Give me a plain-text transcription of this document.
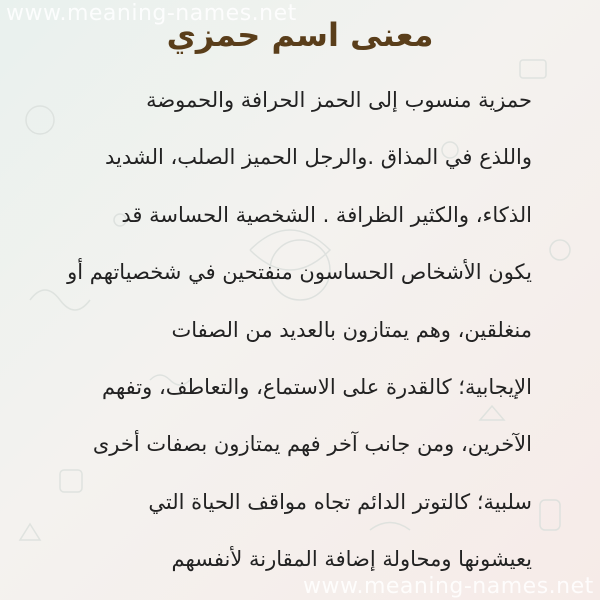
www.meaning-names.net
www.meaning-names.net
معنى اسم حمزي
حمزية منسوب إلى الحمز الحرافة والحموضة
واللذع في المذاق .والرجل الحميز الصلب، الشديد
الذكاء، والكثير الظرافة . الشخصية الحساسة قد
يكون الأشخاص الحساسون منفتحين في شخصياتهم أو
منغلقين، وهم يمتازون بالعديد من الصفات
الإيجابية؛ كالقدرة على الاستماع، والتعاطف، وتفهم
الآخرين، ومن جانب آخر فهم يمتازون بصفات أخرى
سلبية؛ كالتوتر الدائم تجاه مواقف الحياة التي
يعيشونها ومحاولة إضافة المقارنة لأنفسهم
